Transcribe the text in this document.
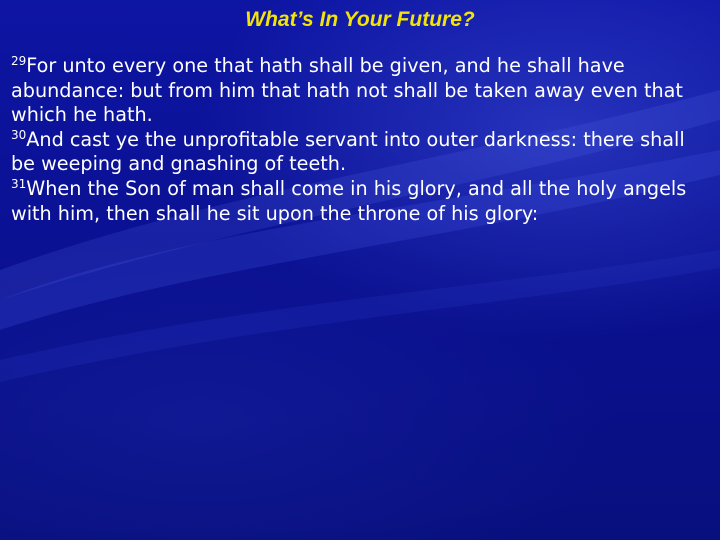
What’s In Your Future?
$^{29}$For unto every one that hath shall be given, and he shall have abundance: but from him that hath not shall be taken away even that which he hath.
$^{30}$And cast ye the unprofitable servant into outer darkness: there shall be weeping and gnashing of teeth.
$^{31}$When the Son of man shall come in his glory, and all the holy angels with him, then shall he sit upon the throne of his glory:
